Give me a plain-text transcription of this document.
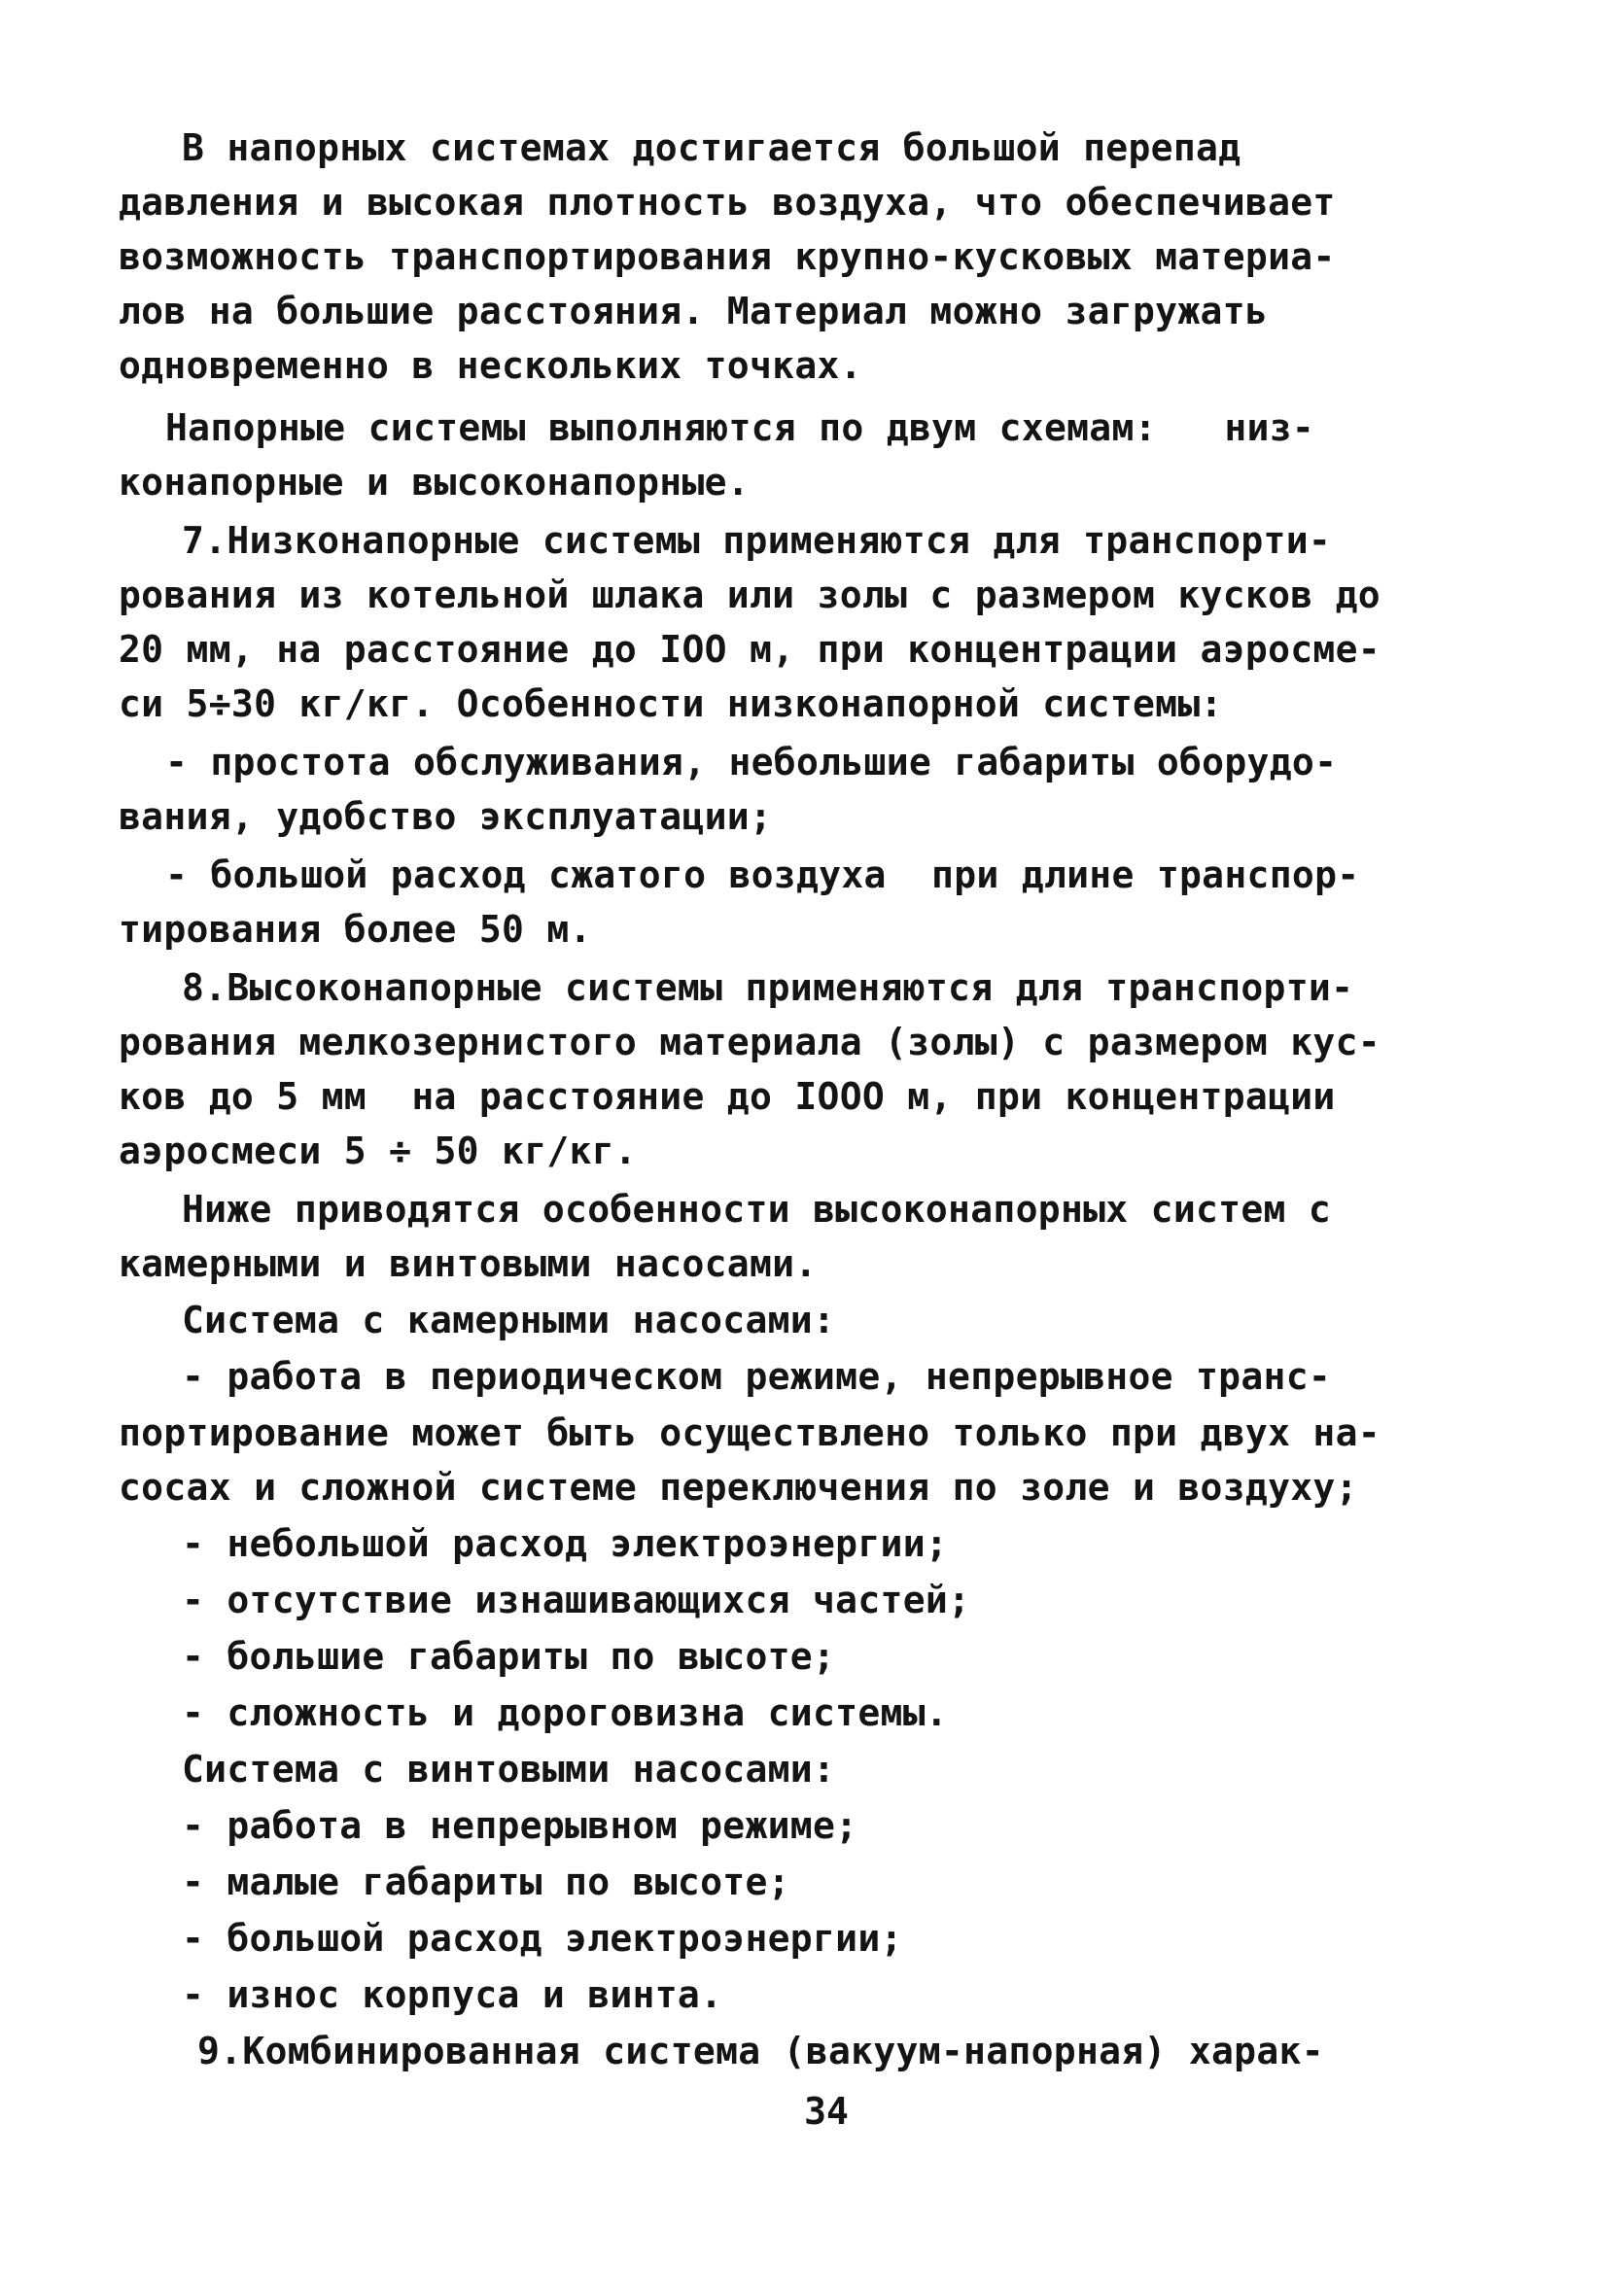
В напорных системах достигается большой перепад
давления и высокая плотность воздуха, что обеспечивает
возможность транспортирования крупно-кусковых материа-
лов на большие расстояния. Материал можно загружать
одновременно в нескольких точках.
Напорные системы выполняются по двум схемам:   низ-
конапорные и высоконапорные.
7.Низконапорные системы применяются для транспорти-
рования из котельной шлака или золы с размером кусков до
20 мм, на расстояние до IOO м, при концентрации аэросме-
си 5÷30 кг/кг. Особенности низконапорной системы:
- простота обслуживания, небольшие габариты оборудо-
вания, удобство эксплуатации;
- большой расход сжатого воздуха  при длине транспор-
тирования более 50 м.
8.Высоконапорные системы применяются для транспорти-
рования мелкозернистого материала (золы) с размером кус-
ков до 5 мм  на расстояние до IOOO м, при концентрации
аэросмеси 5 ÷ 50 кг/кг.
Ниже приводятся особенности высоконапорных систем с
камерными и винтовыми насосами.
Система с камерными насосами:
- работа в периодическом режиме, непрерывное транс-
портирование может быть осуществлено только при двух на-
сосах и сложной системе переключения по золе и воздуху;
- небольшой расход электроэнергии;
- отсутствие изнашивающихся частей;
- большие габариты по высоте;
- сложность и дороговизна системы.
Система с винтовыми насосами:
- работа в непрерывном режиме;
- малые габариты по высоте;
- большой расход электроэнергии;
- износ корпуса и винта.
9.Комбинированная система (вакуум-напорная) харак-
34
